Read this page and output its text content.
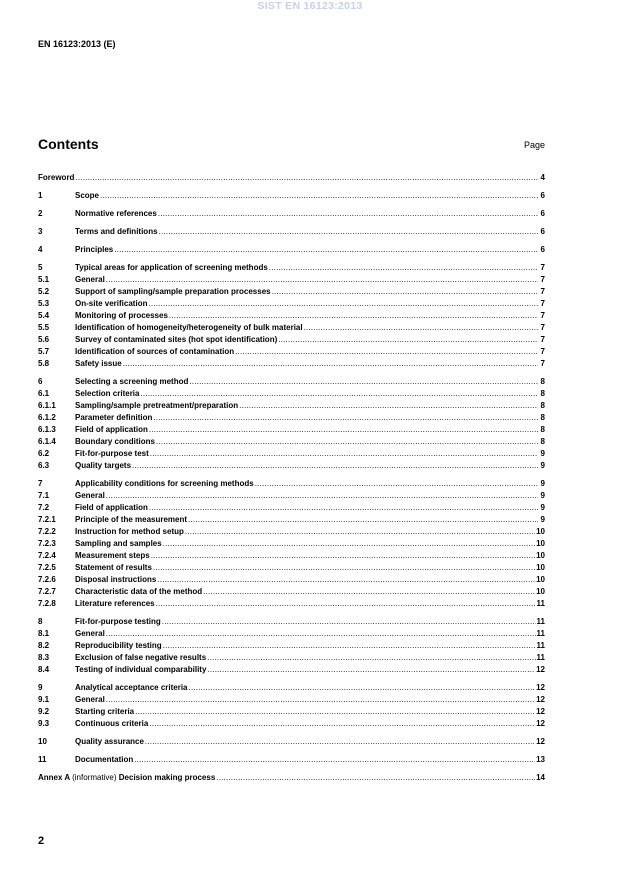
SIST EN 16123:2013
EN 16123:2013 (E)
Contents	Page
Foreword .....	4
1	Scope .....	6
2	Normative references .....	6
3	Terms and definitions .....	6
4	Principles .....	6
5	Typical areas for application of screening methods .....	7
5.1	General .....	7
5.2	Support of sampling/sample preparation processes .....	7
5.3	On-site verification .....	7
5.4	Monitoring of processes .....	7
5.5	Identification of homogeneity/heterogeneity of bulk material .....	7
5.6	Survey of contaminated sites (hot spot identification) .....	7
5.7	Identification of sources of contamination .....	7
5.8	Safety issue .....	7
6	Selecting a screening method .....	8
6.1	Selection criteria .....	8
6.1.1	Sampling/sample pretreatment/preparation .....	8
6.1.2	Parameter definition .....	8
6.1.3	Field of application .....	8
6.1.4	Boundary conditions .....	8
6.2	Fit-for-purpose test .....	9
6.3	Quality targets .....	9
7	Applicability conditions for screening methods .....	9
7.1	General .....	9
7.2	Field of application .....	9
7.2.1	Principle of the measurement .....	9
7.2.2	Instruction for method setup .....	10
7.2.3	Sampling and samples .....	10
7.2.4	Measurement steps .....	10
7.2.5	Statement of results .....	10
7.2.6	Disposal instructions .....	10
7.2.7	Characteristic data of the method .....	10
7.2.8	Literature references .....	11
8	Fit-for-purpose testing .....	11
8.1	General .....	11
8.2	Reproducibility testing .....	11
8.3	Exclusion of false negative results .....	11
8.4	Testing of individual comparability .....	12
9	Analytical acceptance criteria .....	12
9.1	General .....	12
9.2	Starting criteria .....	12
9.3	Continuous criteria .....	12
10	Quality assurance .....	12
11	Documentation .....	13
Annex A (informative) Decision making process .....	14
2
